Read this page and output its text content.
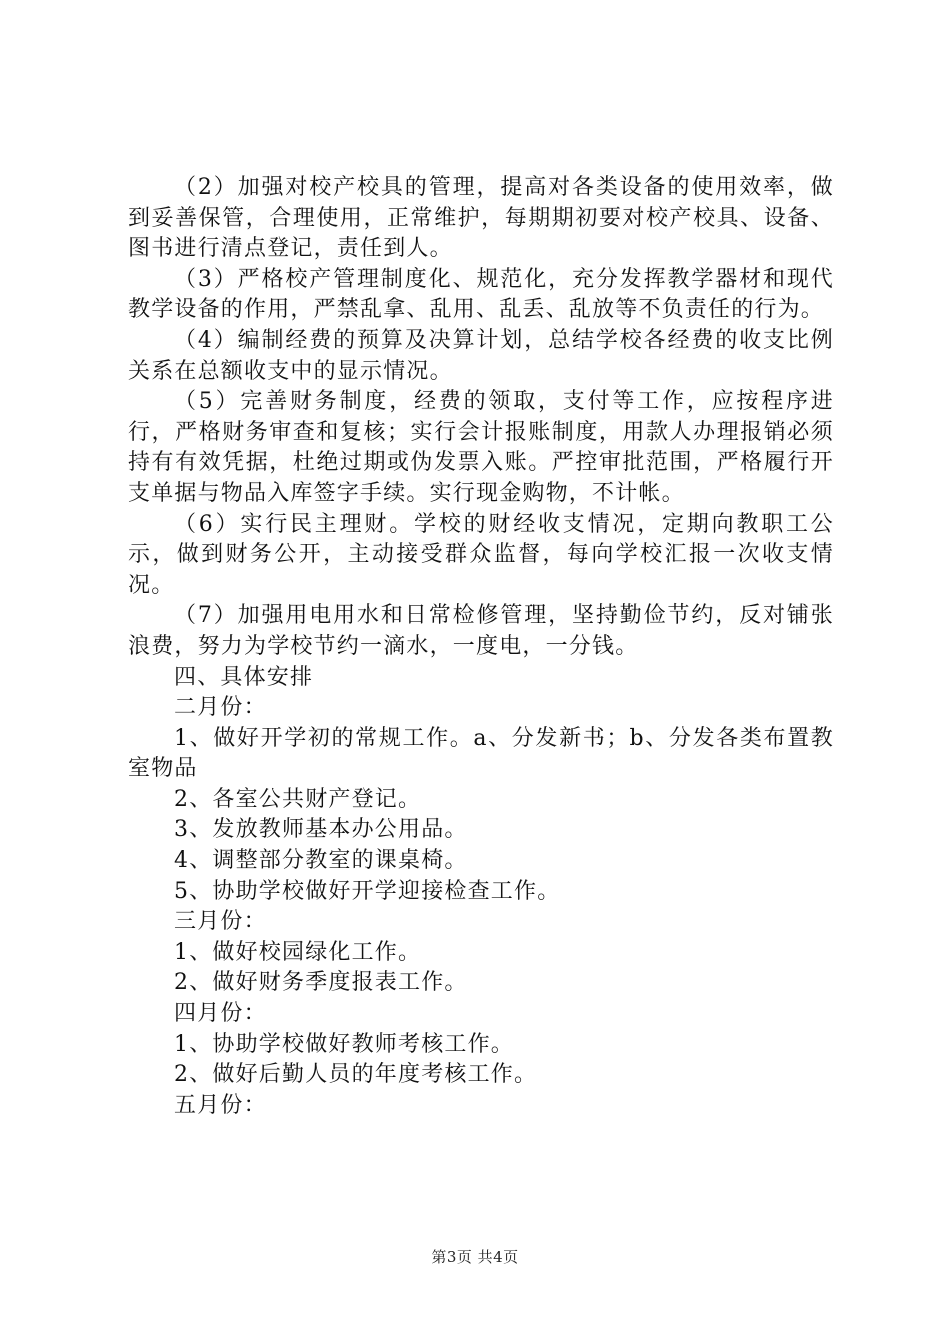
（2）加强对校产校具的管理，提高对各类设备的使用效率，做到妥善保管，合理使用，正常维护，每期期初要对校产校具、设备、图书进行清点登记，责任到人。

（3）严格校产管理制度化、规范化，充分发挥教学器材和现代教学设备的作用，严禁乱拿、乱用、乱丢、乱放等不负责任的行为。

（4）编制经费的预算及决算计划，总结学校各经费的收支比例关系在总额收支中的显示情况。

（5）完善财务制度，经费的领取，支付等工作，应按程序进行，严格财务审查和复核；实行会计报账制度，用款人办理报销必须持有有效凭据，杜绝过期或伪发票入账。严控审批范围，严格履行开支单据与物品入库签字手续。实行现金购物，不计帐。

（6）实行民主理财。学校的财经收支情况，定期向教职工公示，做到财务公开，主动接受群众监督，每向学校汇报一次收支情况。

（7）加强用电用水和日常检修管理，坚持勤俭节约，反对铺张浪费，努力为学校节约一滴水，一度电，一分钱。

四、具体安排

二月份：

1、做好开学初的常规工作。a、分发新书；b、分发各类布置教室物品

2、各室公共财产登记。

3、发放教师基本办公用品。

4、调整部分教室的课桌椅。

5、协助学校做好开学迎接检查工作。

三月份：

1、做好校园绿化工作。

2、做好财务季度报表工作。

四月份：

1、协助学校做好教师考核工作。

2、做好后勤人员的年度考核工作。

五月份：

第3页 共4页
